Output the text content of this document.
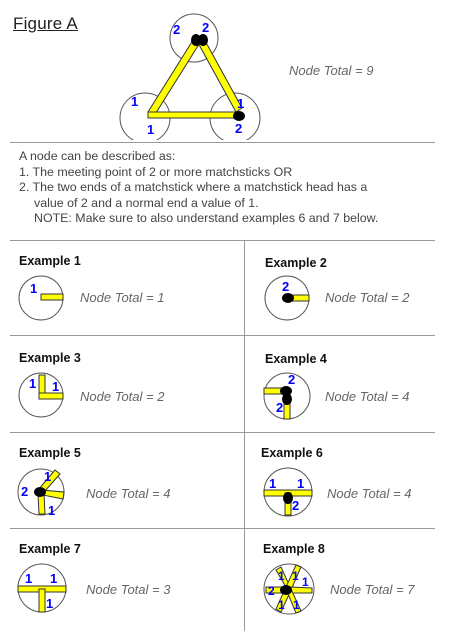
Figure A	2 2
1
1
1
2
Node Total = 9
A node can be described as:
1. The meeting point of 2 or more matchsticks OR
2. The two ends of a matchstick where a matchstick head has a
value of 2 and a normal end a value of 1.
NOTE: Make sure to also understand examples 6 and 7 below.
Example 1
1
Node Total = 1
Example 2
2
Node Total = 2
Example 3
1 1
Node Total = 2
Example 4
2
2
Node Total = 4
Example 5
2
1
1
Node Total = 4
Example 6
1 1
2
Node Total = 4
Example 7
1 1
1
Node Total = 3
Example 8
1 1
2
1
1 1
Node Total = 7
